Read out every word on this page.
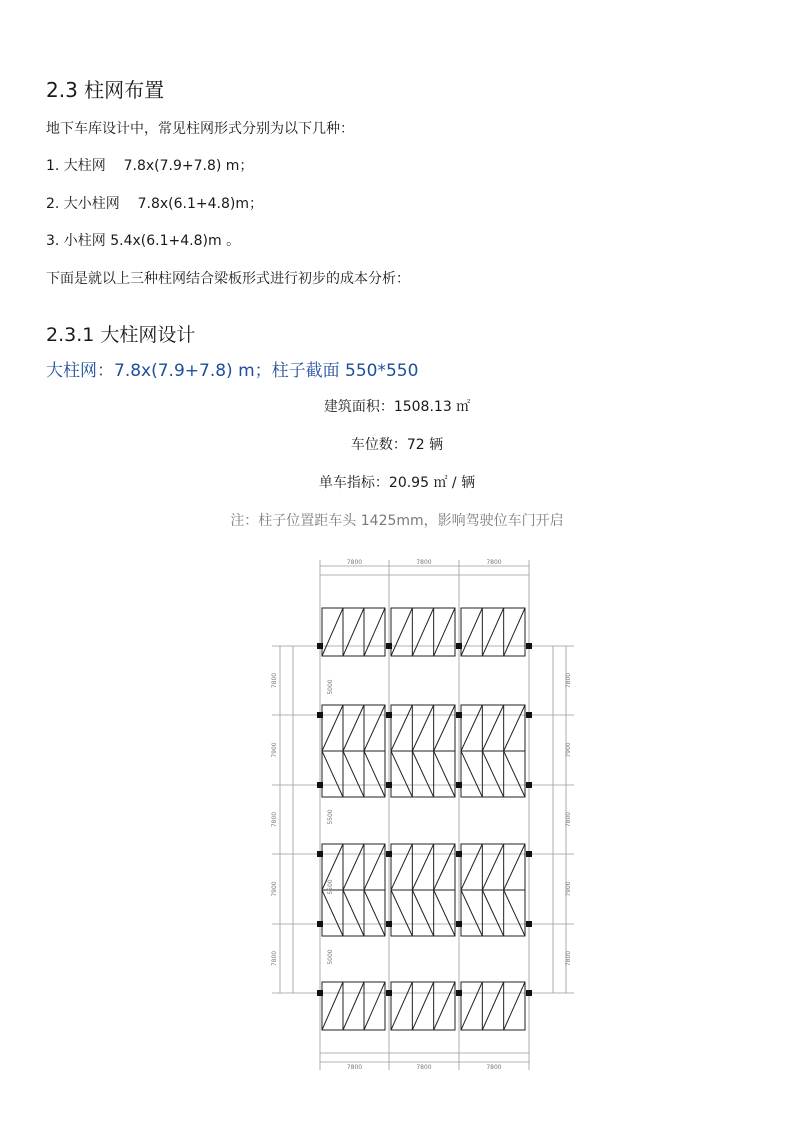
2.3 柱网布置
地下车库设计中，常见柱网形式分别为以下几种：
1. 大柱网    7.8x(7.9+7.8) m；
2. 大小柱网    7.8x(6.1+4.8)m；
3. 小柱网 5.4x(6.1+4.8)m 。
下面是就以上三种柱网结合梁板形式进行初步的成本分析：
2.3.1 大柱网设计
大柱网：7.8x(7.9+7.8) m；柱子截面 550*550
建筑面积：1508.13 ㎡
车位数：72 辆
单车指标：20.95 ㎡ / 辆
注：柱子位置距车头 1425mm，影响驾驶位车门开启
7800
7800
7800
7800
7800
7800
7800	7800
7900	7900
7800	7800
7900	7900
7800	7800
5000
5500
5500
5000
